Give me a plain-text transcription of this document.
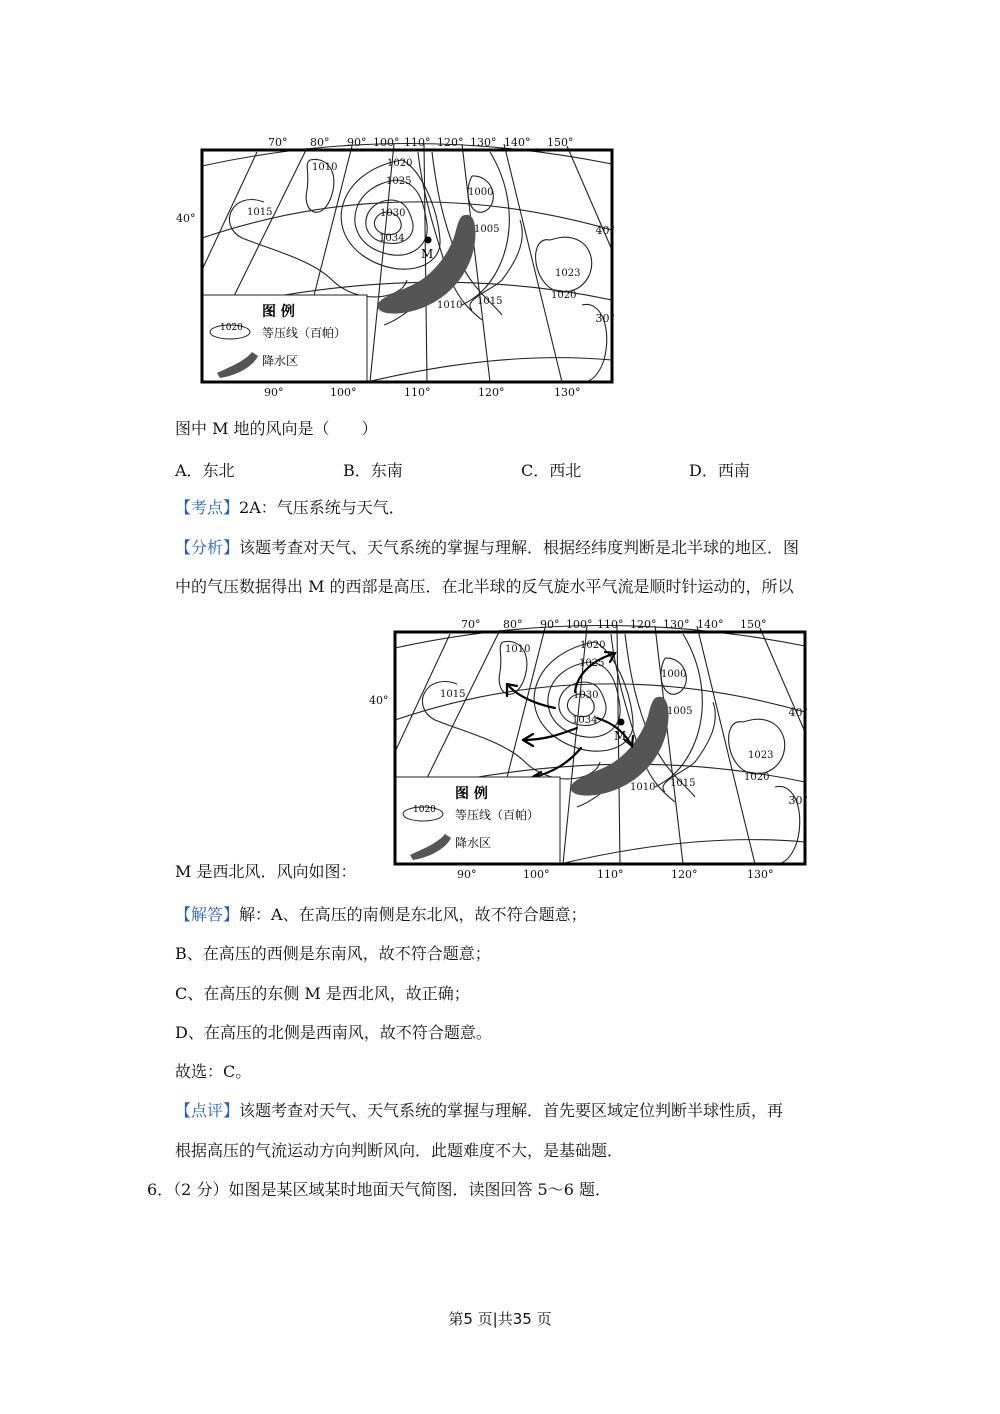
M
1010	1020
1025
1015	1030
1034
1000
1005
1010 1015
1023
1020
图 例
1020 等压线（百帕）
降水区
70° 80° 90° 100° 110° 120° 130° 140° 150°
90°	100°	110°	120°	130°
40°
40°
30°
图中 M 地的风向是（　　）
A．东北	B．东南	C．西北	D．西南
【考点】2A：气压系统与天气．
【分析】该题考查对天气、天气系统的掌握与理解．根据经纬度判断是北半球的地区．图
中的气压数据得出 M 的西部是高压．在北半球的反气旋水平气流是顺时针运动的，所以
M
1010	1020
1025
1015	1030
1034
1000
1005
1010 1015
1023
1020
图 例
1020 等压线（百帕）
降水区
70° 80° 90° 100° 110° 120° 130° 140° 150°
90°	100°	110°	120°	130°
40°
40°
30°
M 是西北风．风向如图：
【解答】解：A、在高压的南侧是东北风，故不符合题意；
B、在高压的西侧是东南风，故不符合题意；
C、在高压的东侧 M 是西北风，故正确；
D、在高压的北侧是西南风，故不符合题意。
故选：C。
【点评】该题考查对天气、天气系统的掌握与理解．首先要区域定位判断半球性质，再
根据高压的气流运动方向判断风向．此题难度不大，是基础题．
6．（2 分）如图是某区域某时地面天气简图．读图回答 5～6 题．
第5 页|共35 页
